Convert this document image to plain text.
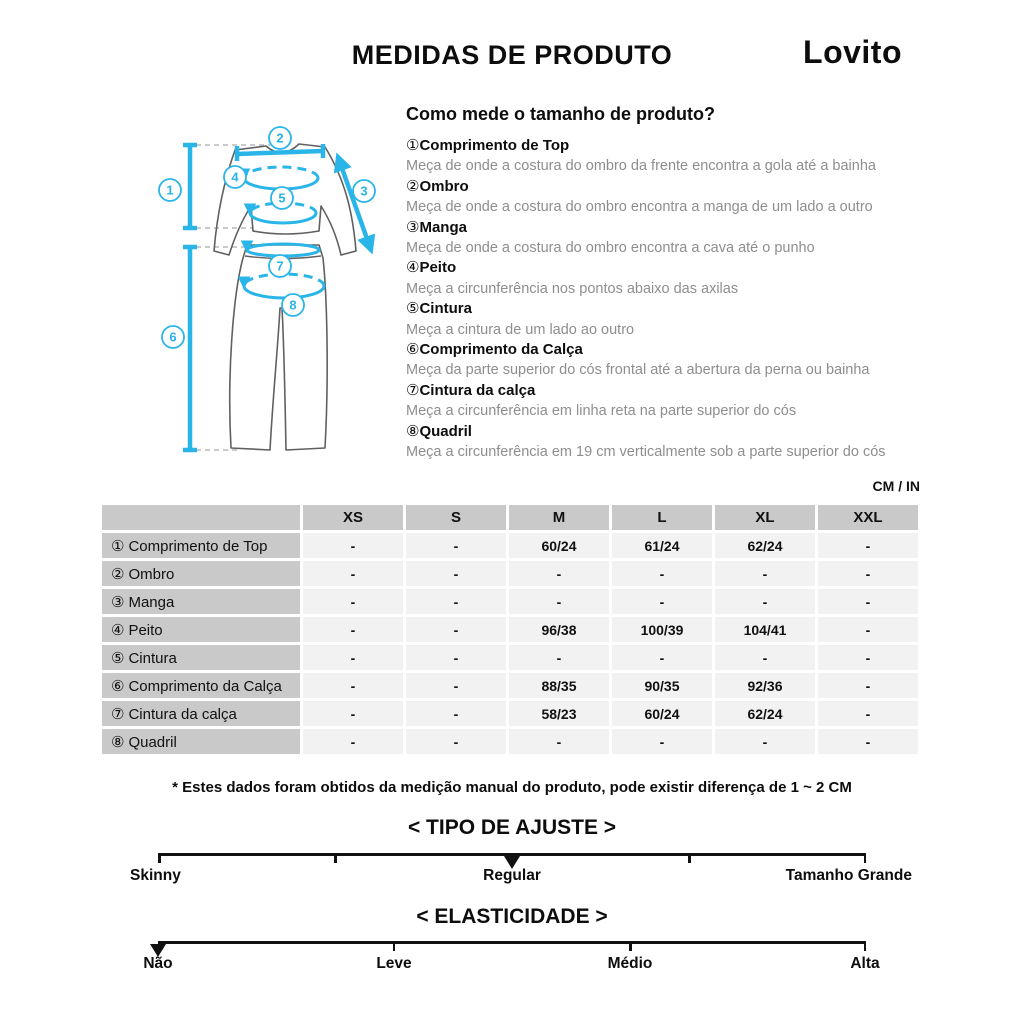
MEDIDAS DE PRODUTO	Lovito
1
2
3
4
5
6
7
8
Como mede o tamanho de produto?
①Comprimento de Top
Meça de onde a costura do ombro da frente encontra a gola até a bainha
②Ombro
Meça de onde a costura do ombro encontra a manga de um lado a outro
③Manga
Meça de onde a costura do ombro encontra a cava até o punho
④Peito
Meça a circunferência nos pontos abaixo das axilas
⑤Cintura
Meça a cintura de um lado ao outro
⑥Comprimento da Calça
Meça da parte superior do cós frontal até a abertura da perna ou bainha
⑦Cintura da calça
Meça a circunferência em linha reta na parte superior do cós
⑧Quadril
Meça a circunferência em 19 cm verticalmente sob a parte superior do cós
CM / IN
	XS	S	M	L	XL	XXL
① Comprimento de Top	-	-	60/24	61/24	62/24	-
② Ombro	-	-	-	-	-	-
③ Manga	-	-	-	-	-	-
④ Peito	-	-	96/38	100/39	104/41	-
⑤ Cintura	-	-	-	-	-	-
⑥ Comprimento da Calça	-	-	88/35	90/35	92/36	-
⑦ Cintura da calça	-	-	58/23	60/24	62/24	-
⑧ Quadril	-	-	-	-	-	-
* Estes dados foram obtidos da medição manual do produto, pode existir diferença de 1 ~ 2 CM
< TIPO DE AJUSTE >
Skinny	Regular	Tamanho Grande
< ELASTICIDADE >
Não	Leve	Médio	Alta
